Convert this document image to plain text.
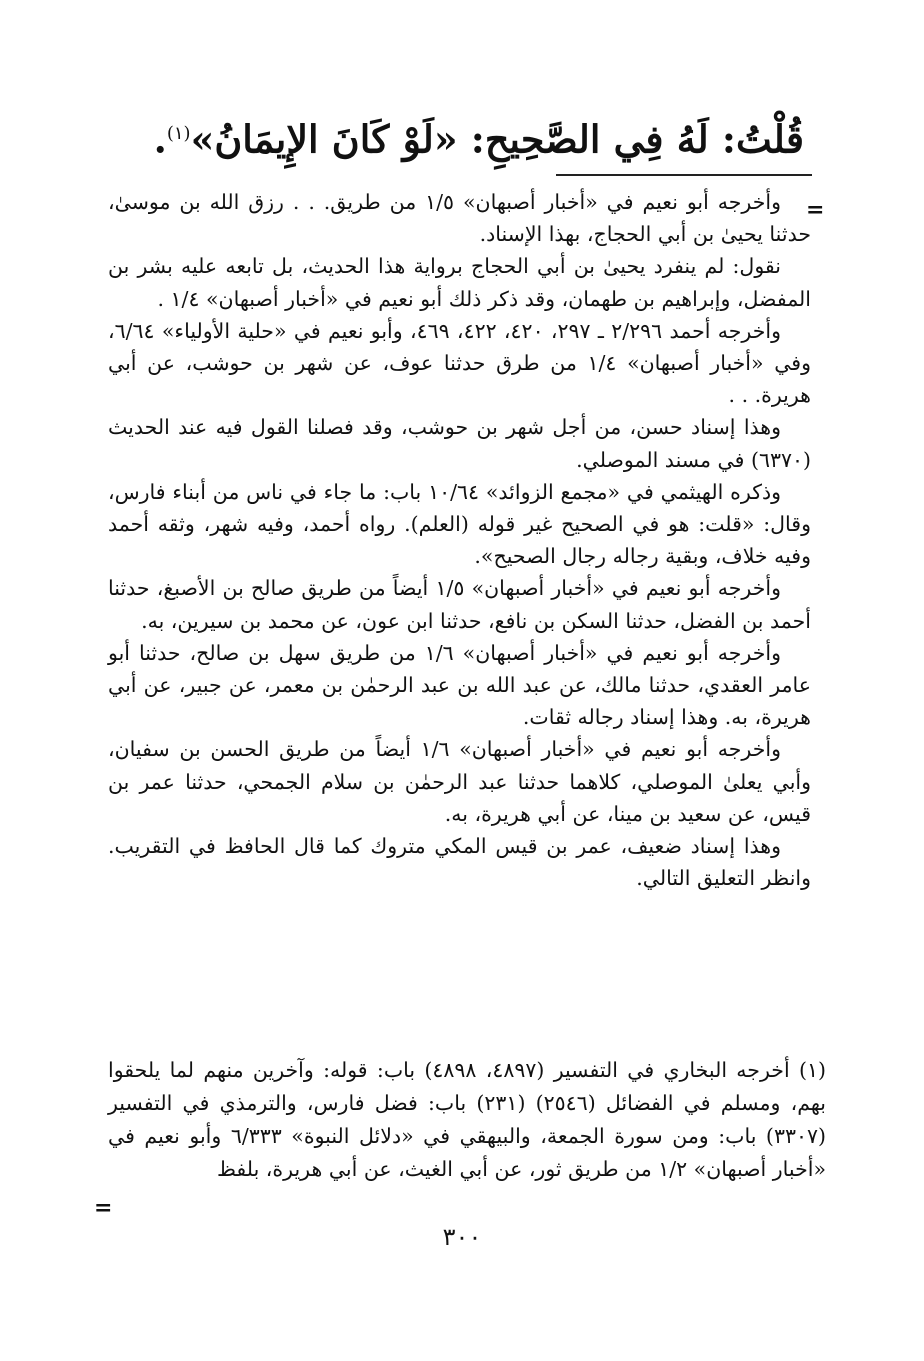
قُلْتُ: لَهُ فِي الصَّحِيحِ: «لَوْ كَانَ الإِيمَانُ»$^{(١)}$.
=

وأخرجه أبو نعيم في «أخبار أصبهان» ١/٥ من طريق. . . رزق الله بن موسىٰ، حدثنا يحيىٰ بن أبي الحجاج، بهذا الإسناد.

نقول: لم ينفرد يحيىٰ بن أبي الحجاج برواية هذا الحديث، بل تابعه عليه بشر بن المفضل، وإبراهيم بن طهمان، وقد ذكر ذلك أبو نعيم في «أخبار أصبهان» ١/٤ .

وأخرجه أحمد ٢/٢٩٦ ـ ٢٩٧، ٤٢٠، ٤٢٢، ٤٦٩، وأبو نعيم في «حلية الأولياء» ٦/٦٤، وفي «أخبار أصبهان» ١/٤ من طرق حدثنا عوف، عن شهر بن حوشب، عن أبي هريرة. . .

وهذا إسناد حسن، من أجل شهر بن حوشب، وقد فصلنا القول فيه عند الحديث (٦٣٧٠) في مسند الموصلي.

وذكره الهيثمي في «مجمع الزوائد» ١٠/٦٤ باب: ما جاء في ناس من أبناء فارس، وقال: «قلت: هو في الصحيح غير قوله (العلم). رواه أحمد، وفيه شهر، وثقه أحمد وفيه خلاف، وبقية رجاله رجال الصحيح».

وأخرجه أبو نعيم في «أخبار أصبهان» ١/٥ أيضاً من طريق صالح بن الأصبغ، حدثنا أحمد بن الفضل، حدثنا السكن بن نافع، حدثنا ابن عون، عن محمد بن سيرين، به.

وأخرجه أبو نعيم في «أخبار أصبهان» ١/٦ من طريق سهل بن صالح، حدثنا أبو عامر العقدي، حدثنا مالك، عن عبد الله بن عبد الرحمٰن بن معمر، عن جبير، عن أبي هريرة، به. وهذا إسناد رجاله ثقات.

وأخرجه أبو نعيم في «أخبار أصبهان» ١/٦ أيضاً من طريق الحسن بن سفيان، وأبي يعلىٰ الموصلي، كلاهما حدثنا عبد الرحمٰن بن سلام الجمحي، حدثنا عمر بن قيس، عن سعيد بن مينا، عن أبي هريرة، به.

وهذا إسناد ضعيف، عمر بن قيس المكي متروك كما قال الحافظ في التقريب. وانظر التعليق التالي.

(١) أخرجه البخاري في التفسير (٤٨٩٧، ٤٨٩٨) باب: قوله: وآخرين منهم لما يلحقوا بهم، ومسلم في الفضائل (٢٥٤٦) (٢٣١) باب: فضل فارس، والترمذي في التفسير (٣٣٠٧) باب: ومن سورة الجمعة، والبيهقي في «دلائل النبوة» ٦/٣٣٣ وأبو نعيم في «أخبار أصبهان» ١/٢ من طريق ثور، عن أبي الغيث، عن أبي هريرة، بلفظ

=
٣٠٠
